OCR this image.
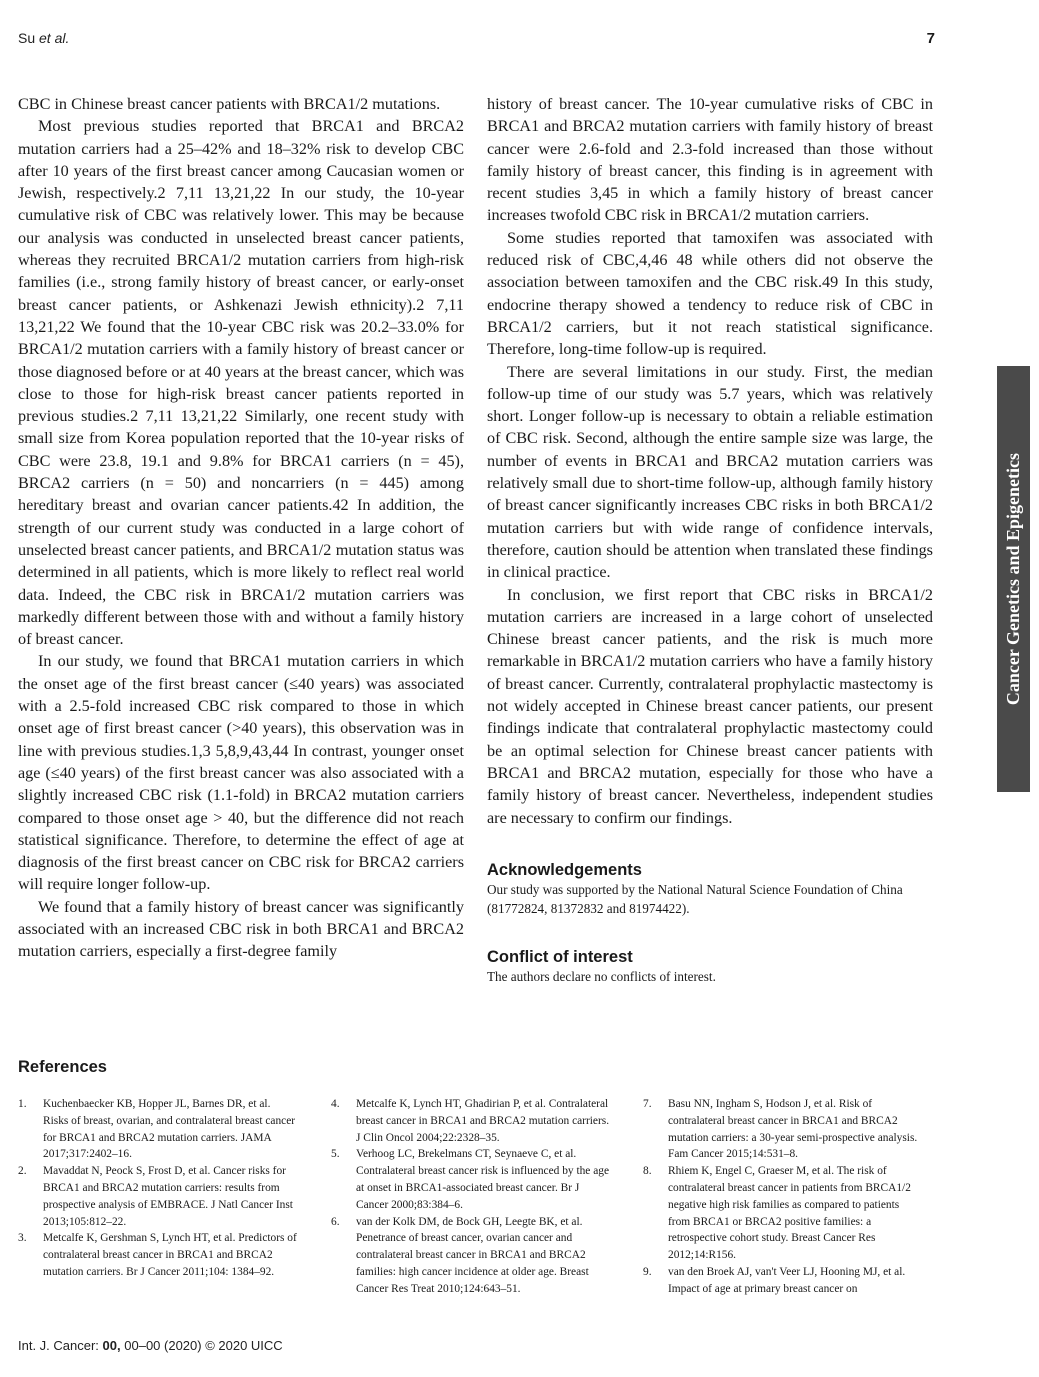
Su et al.	7

CBC in Chinese breast cancer patients with BRCA1/2 mutations.

Most previous studies reported that BRCA1 and BRCA2 mutation carriers had a 25–42% and 18–32% risk to develop CBC after 10 years of the first breast cancer among Caucasian women or Jewish, respectively.2 7,11 13,21,22 In our study, the 10-year cumulative risk of CBC was relatively lower. This may be because our analysis was conducted in unselected breast cancer patients, whereas they recruited BRCA1/2 mutation carriers from high-risk families (i.e., strong family history of breast cancer, or early-onset breast cancer patients, or Ashkenazi Jewish ethnicity).2 7,11 13,21,22 We found that the 10-year CBC risk was 20.2–33.0% for BRCA1/2 mutation carriers with a family history of breast cancer or those diagnosed before or at 40 years at the breast cancer, which was close to those for high-risk breast cancer patients reported in previous studies.2 7,11 13,21,22 Similarly, one recent study with small size from Korea population reported that the 10-year risks of CBC were 23.8, 19.1 and 9.8% for BRCA1 carriers (n = 45), BRCA2 carriers (n = 50) and noncarriers (n = 445) among hereditary breast and ovarian cancer patients.42 In addition, the strength of our current study was conducted in a large cohort of unselected breast cancer patients, and BRCA1/2 mutation status was determined in all patients, which is more likely to reflect real world data. Indeed, the CBC risk in BRCA1/2 mutation carriers was markedly different between those with and without a family history of breast cancer.

In our study, we found that BRCA1 mutation carriers in which the onset age of the first breast cancer (≤40 years) was associated with a 2.5-fold increased CBC risk compared to those in which onset age of first breast cancer (>40 years), this observation was in line with previous studies.1,3 5,8,9,43,44 In contrast, younger onset age (≤40 years) of the first breast cancer was also associated with a slightly increased CBC risk (1.1-fold) in BRCA2 mutation carriers compared to those onset age > 40, but the difference did not reach statistical significance. Therefore, to determine the effect of age at diagnosis of the first breast cancer on CBC risk for BRCA2 carriers will require longer follow-up.

We found that a family history of breast cancer was significantly associated with an increased CBC risk in both BRCA1 and BRCA2 mutation carriers, especially a first-degree family

history of breast cancer. The 10-year cumulative risks of CBC in BRCA1 and BRCA2 mutation carriers with family history of breast cancer were 2.6-fold and 2.3-fold increased than those without family history of breast cancer, this finding is in agreement with recent studies 3,45 in which a family history of breast cancer increases twofold CBC risk in BRCA1/2 mutation carriers.

Some studies reported that tamoxifen was associated with reduced risk of CBC,4,46 48 while others did not observe the association between tamoxifen and the CBC risk.49 In this study, endocrine therapy showed a tendency to reduce risk of CBC in BRCA1/2 carriers, but it not reach statistical significance. Therefore, long-time follow-up is required.

There are several limitations in our study. First, the median follow-up time of our study was 5.7 years, which was relatively short. Longer follow-up is necessary to obtain a reliable estimation of CBC risk. Second, although the entire sample size was large, the number of events in BRCA1 and BRCA2 mutation carriers was relatively small due to short-time follow-up, although family history of breast cancer significantly increases CBC risks in both BRCA1/2 mutation carriers but with wide range of confidence intervals, therefore, caution should be attention when translated these findings in clinical practice.

In conclusion, we first report that CBC risks in BRCA1/2 mutation carriers are increased in a large cohort of unselected Chinese breast cancer patients, and the risk is much more remarkable in BRCA1/2 mutation carriers who have a family history of breast cancer. Currently, contralateral prophylactic mastectomy is not widely accepted in Chinese breast cancer patients, our present findings indicate that contralateral prophylactic mastectomy could be an optimal selection for Chinese breast cancer patients with BRCA1 and BRCA2 mutation, especially for those who have a family history of breast cancer. Nevertheless, independent studies are necessary to confirm our findings.

Acknowledgements

Our study was supported by the National Natural Science Foundation of China (81772824, 81372832 and 81974422).

Conflict of interest

The authors declare no conflicts of interest.

Cancer Genetics and Epigenetics
References
1. Kuchenbaecker KB, Hopper JL, Barnes DR, et al. Risks of breast, ovarian, and contralateral breast cancer for BRCA1 and BRCA2 mutation carriers. JAMA 2017;317:2402–16.
2. Mavaddat N, Peock S, Frost D, et al. Cancer risks for BRCA1 and BRCA2 mutation carriers: results from prospective analysis of EMBRACE. J Natl Cancer Inst 2013;105:812–22.
3. Metcalfe K, Gershman S, Lynch HT, et al. Predictors of contralateral breast cancer in BRCA1 and BRCA2 mutation carriers. Br J Cancer 2011;104: 1384–92.
4. Metcalfe K, Lynch HT, Ghadirian P, et al. Contralateral breast cancer in BRCA1 and BRCA2 mutation carriers. J Clin Oncol 2004;22:2328–35.
5. Verhoog LC, Brekelmans CT, Seynaeve C, et al. Contralateral breast cancer risk is influenced by the age at onset in BRCA1-associated breast cancer. Br J Cancer 2000;83:384–6.
6. van der Kolk DM, de Bock GH, Leegte BK, et al. Penetrance of breast cancer, ovarian cancer and contralateral breast cancer in BRCA1 and BRCA2 families: high cancer incidence at older age. Breast Cancer Res Treat 2010;124:643–51.
7. Basu NN, Ingham S, Hodson J, et al. Risk of contralateral breast cancer in BRCA1 and BRCA2 mutation carriers: a 30-year semi-prospective analysis. Fam Cancer 2015;14:531–8.
8. Rhiem K, Engel C, Graeser M, et al. The risk of contralateral breast cancer in patients from BRCA1/2 negative high risk families as compared to patients from BRCA1 or BRCA2 positive families: a retrospective cohort study. Breast Cancer Res 2012;14:R156.
9. van den Broek AJ, van't Veer LJ, Hooning MJ, et al. Impact of age at primary breast cancer on
Int. J. Cancer: 00, 00–00 (2020) © 2020 UICC
